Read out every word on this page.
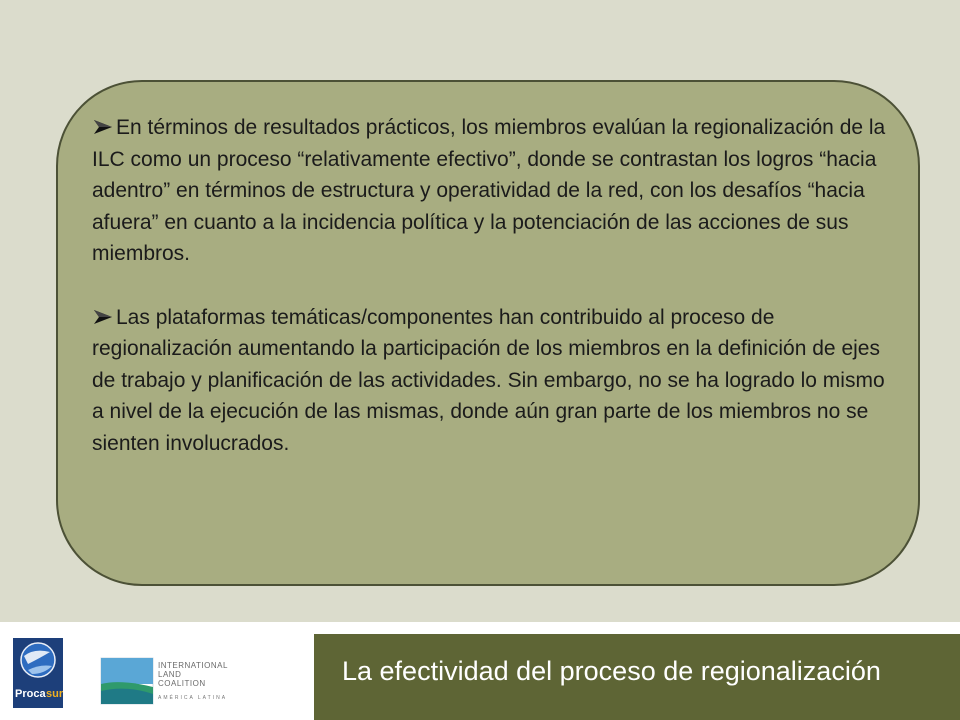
En términos de resultados prácticos, los miembros evalúan la regionalización de la ILC como un proceso “relativamente efectivo”, donde se contrastan los logros “hacia adentro” en términos de estructura y operatividad de la red, con los desafíos “hacia afuera” en cuanto a la incidencia política y la potenciación de las acciones de sus miembros.

Las plataformas temáticas/componentes han contribuido al proceso de regionalización aumentando la participación de los miembros en la definición de ejes de trabajo y planificación de las actividades. Sin embargo, no se ha logrado lo mismo a nivel de la ejecución de las mismas, donde aún gran parte de los miembros no se sienten involucrados.

Proca sur
INTERNATIONAL
LAND
COALITION
AMÉRICA LATINA
La efectividad del proceso de regionalización
